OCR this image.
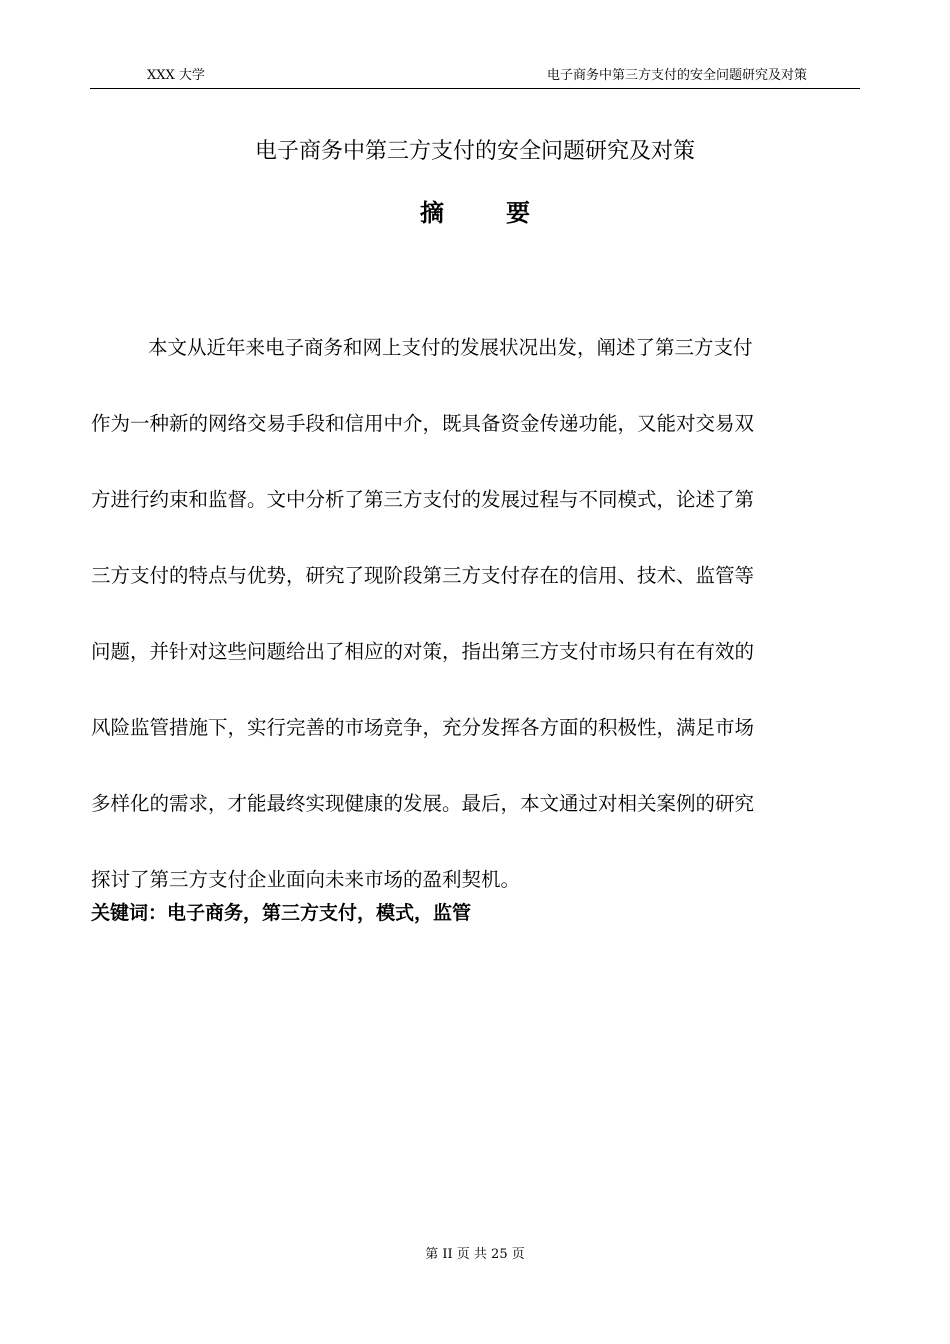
XXX 大学	电子商务中第三方支付的安全问题研究及对策
电子商务中第三方支付的安全问题研究及对策
摘要
本文从近年来电子商务和网上支付的发展状况出发，阐述了第三方支付
作为一种新的网络交易手段和信用中介，既具备资金传递功能，又能对交易双
方进行约束和监督。文中分析了第三方支付的发展过程与不同模式，论述了第
三方支付的特点与优势，研究了现阶段第三方支付存在的信用、技术、监管等
问题，并针对这些问题给出了相应的对策，指出第三方支付市场只有在有效的
风险监管措施下，实行完善的市场竞争，充分发挥各方面的积极性，满足市场
多样化的需求，才能最终实现健康的发展。最后，本文通过对相关案例的研究
探讨了第三方支付企业面向未来市场的盈利契机。
关键词：电子商务，第三方支付，模式，监管
第 II 页 共 25 页
